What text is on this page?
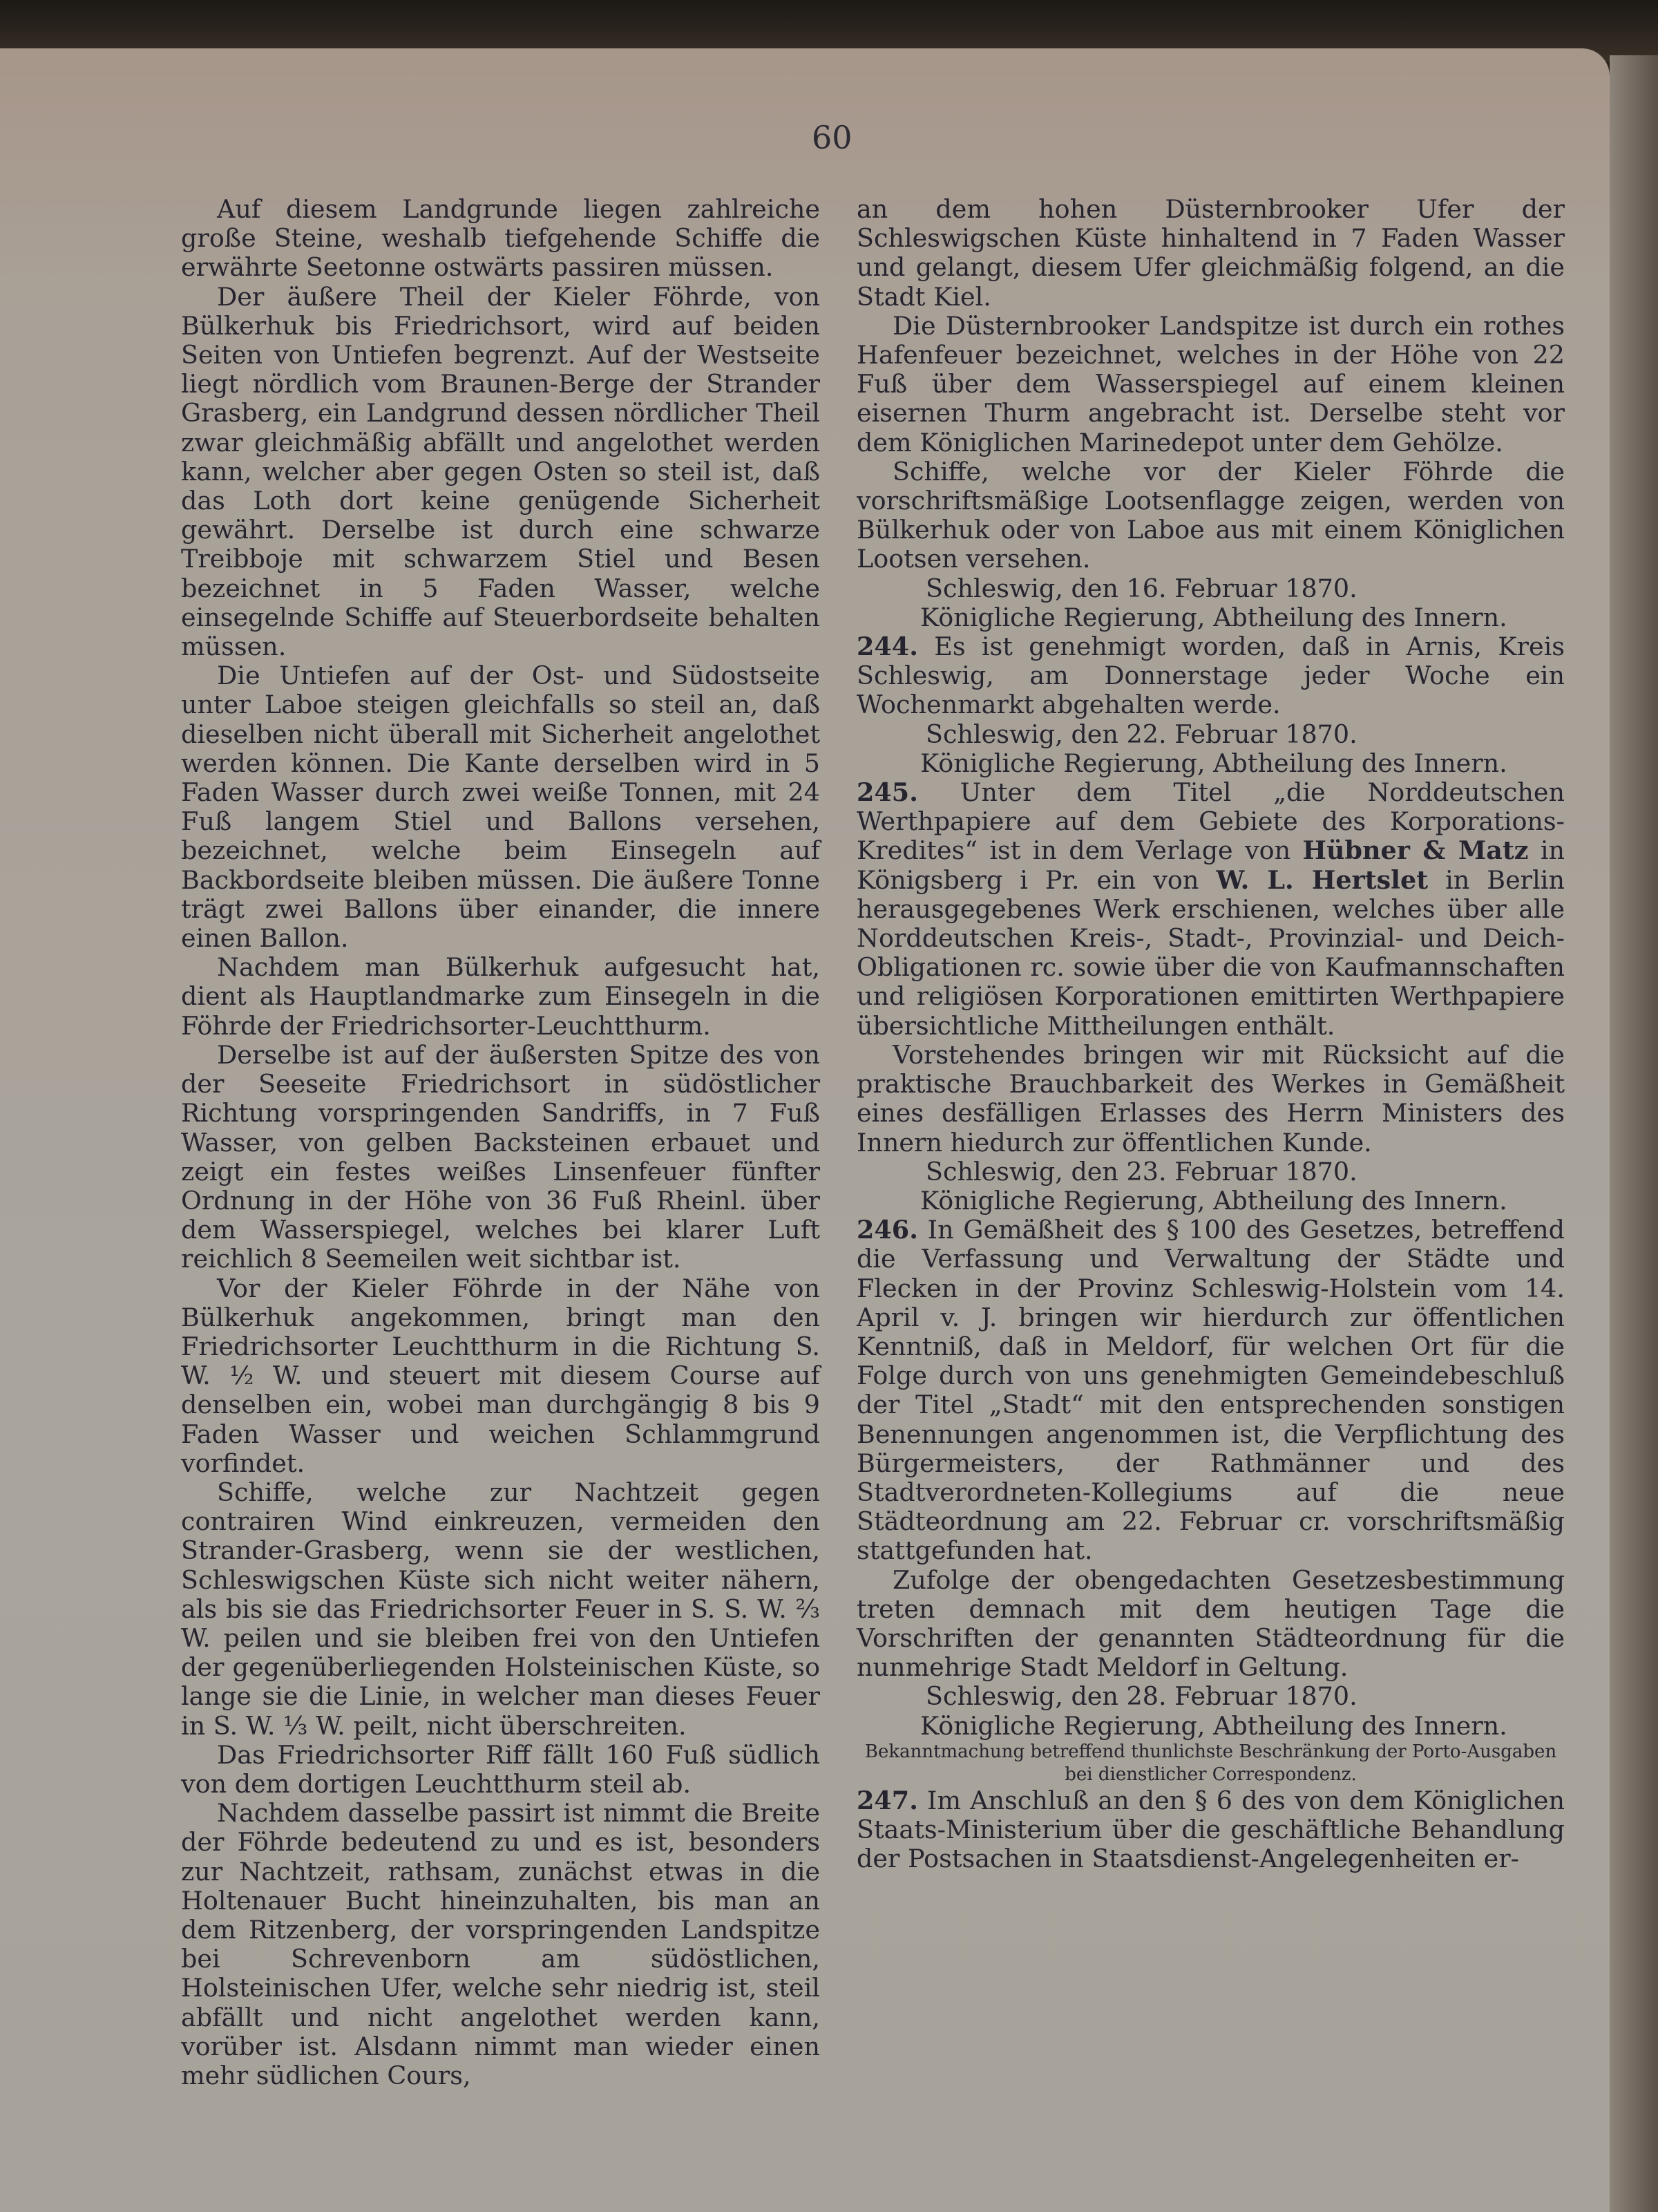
60

Auf diesem Landgrunde liegen zahlreiche große Steine, weshalb tiefgehende Schiffe die erwährte Seetonne ostwärts passiren müssen.

Der äußere Theil der Kieler Föhrde, von Bülkerhuk bis Friedrichsort, wird auf beiden Seiten von Untiefen begrenzt. Auf der Westseite liegt nördlich vom Braunen-Berge der Strander Grasberg, ein Landgrund dessen nördlicher Theil zwar gleichmäßig abfällt und angelothet werden kann, welcher aber gegen Osten so steil ist, daß das Loth dort keine genügende Sicherheit gewährt. Derselbe ist durch eine schwarze Treibboje mit schwarzem Stiel und Besen bezeichnet in 5 Faden Wasser, welche einsegelnde Schiffe auf Steuerbordseite behalten müssen.

Die Untiefen auf der Ost- und Südostseite unter Laboe steigen gleichfalls so steil an, daß dieselben nicht überall mit Sicherheit angelothet werden können. Die Kante derselben wird in 5 Faden Wasser durch zwei weiße Tonnen, mit 24 Fuß langem Stiel und Ballons versehen, bezeichnet, welche beim Einsegeln auf Backbordseite bleiben müssen. Die äußere Tonne trägt zwei Ballons über einander, die innere einen Ballon.

Nachdem man Bülkerhuk aufgesucht hat, dient als Hauptlandmarke zum Einsegeln in die Föhrde der Friedrichsorter-Leuchtthurm.

Derselbe ist auf der äußersten Spitze des von der Seeseite Friedrichsort in südöstlicher Richtung vorspringenden Sandriffs, in 7 Fuß Wasser, von gelben Backsteinen erbauet und zeigt ein festes weißes Linsenfeuer fünfter Ordnung in der Höhe von 36 Fuß Rheinl. über dem Wasserspiegel, welches bei klarer Luft reichlich 8 Seemeilen weit sichtbar ist.

Vor der Kieler Föhrde in der Nähe von Bülkerhuk angekommen, bringt man den Friedrichsorter Leuchtthurm in die Richtung S. W. ½ W. und steuert mit diesem Course auf denselben ein, wobei man durchgängig 8 bis 9 Faden Wasser und weichen Schlammgrund vorfindet.

Schiffe, welche zur Nachtzeit gegen contrairen Wind einkreuzen, vermeiden den Strander-Grasberg, wenn sie der westlichen, Schleswigschen Küste sich nicht weiter nähern, als bis sie das Friedrichsorter Feuer in S. S. W. ⅔ W. peilen und sie bleiben frei von den Untiefen der gegenüberliegenden Holsteinischen Küste, so lange sie die Linie, in welcher man dieses Feuer in S. W. ⅓ W. peilt, nicht überschreiten.

Das Friedrichsorter Riff fällt 160 Fuß südlich von dem dortigen Leuchtthurm steil ab.

Nachdem dasselbe passirt ist nimmt die Breite der Föhrde bedeutend zu und es ist, besonders zur Nachtzeit, rathsam, zunächst etwas in die Holtenauer Bucht hineinzuhalten, bis man an dem Ritzenberg, der vorspringenden Landspitze bei Schrevenborn am südöstlichen, Holsteinischen Ufer, welche sehr niedrig ist, steil abfällt und nicht angelothet werden kann, vorüber ist. Alsdann nimmt man wieder einen mehr südlichen Cours,

an dem hohen Düsternbrooker Ufer der Schleswigschen Küste hinhaltend in 7 Faden Wasser und gelangt, diesem Ufer gleichmäßig folgend, an die Stadt Kiel.

Die Düsternbrooker Landspitze ist durch ein rothes Hafenfeuer bezeichnet, welches in der Höhe von 22 Fuß über dem Wasserspiegel auf einem kleinen eisernen Thurm angebracht ist. Derselbe steht vor dem Königlichen Marinedepot unter dem Gehölze.

Schiffe, welche vor der Kieler Föhrde die vorschriftsmäßige Lootsenflagge zeigen, werden von Bülkerhuk oder von Laboe aus mit einem Königlichen Lootsen versehen.

Schleswig, den 16. Februar 1870.

Königliche Regierung, Abtheilung des Innern.

244. Es ist genehmigt worden, daß in Arnis, Kreis Schleswig, am Donnerstage jeder Woche ein Wochenmarkt abgehalten werde.

Schleswig, den 22. Februar 1870.

Königliche Regierung, Abtheilung des Innern.

245. Unter dem Titel „die Norddeutschen Werthpapiere auf dem Gebiete des Korporations-Kredites“ ist in dem Verlage von Hübner & Matz in Königsberg i Pr. ein von W. L. Hertslet in Berlin herausgegebenes Werk erschienen, welches über alle Norddeutschen Kreis-, Stadt-, Provinzial- und Deich-Obligationen rc. sowie über die von Kaufmannschaften und religiösen Korporationen emittirten Werthpapiere übersichtliche Mittheilungen enthält.

Vorstehendes bringen wir mit Rücksicht auf die praktische Brauchbarkeit des Werkes in Gemäßheit eines desfälligen Erlasses des Herrn Ministers des Innern hiedurch zur öffentlichen Kunde.

Schleswig, den 23. Februar 1870.

Königliche Regierung, Abtheilung des Innern.

246. In Gemäßheit des § 100 des Gesetzes, betreffend die Verfassung und Verwaltung der Städte und Flecken in der Provinz Schleswig-Holstein vom 14. April v. J. bringen wir hierdurch zur öffentlichen Kenntniß, daß in Meldorf, für welchen Ort für die Folge durch von uns genehmigten Gemeindebeschluß der Titel „Stadt“ mit den entsprechenden sonstigen Benennungen angenommen ist, die Verpflichtung des Bürgermeisters, der Rathmänner und des Stadtverordneten-Kollegiums auf die neue Städteordnung am 22. Februar cr. vorschriftsmäßig stattgefunden hat.

Zufolge der obengedachten Gesetzesbestimmung treten demnach mit dem heutigen Tage die Vorschriften der genannten Städteordnung für die nunmehrige Stadt Meldorf in Geltung.

Schleswig, den 28. Februar 1870.

Königliche Regierung, Abtheilung des Innern.

Bekanntmachung betreffend thunlichste Beschränkung der Porto-Ausgaben bei dienstlicher Correspondenz.

247. Im Anschluß an den § 6 des von dem Königlichen Staats-Ministerium über die geschäftliche Behandlung der Postsachen in Staatsdienst-Angelegenheiten er-
